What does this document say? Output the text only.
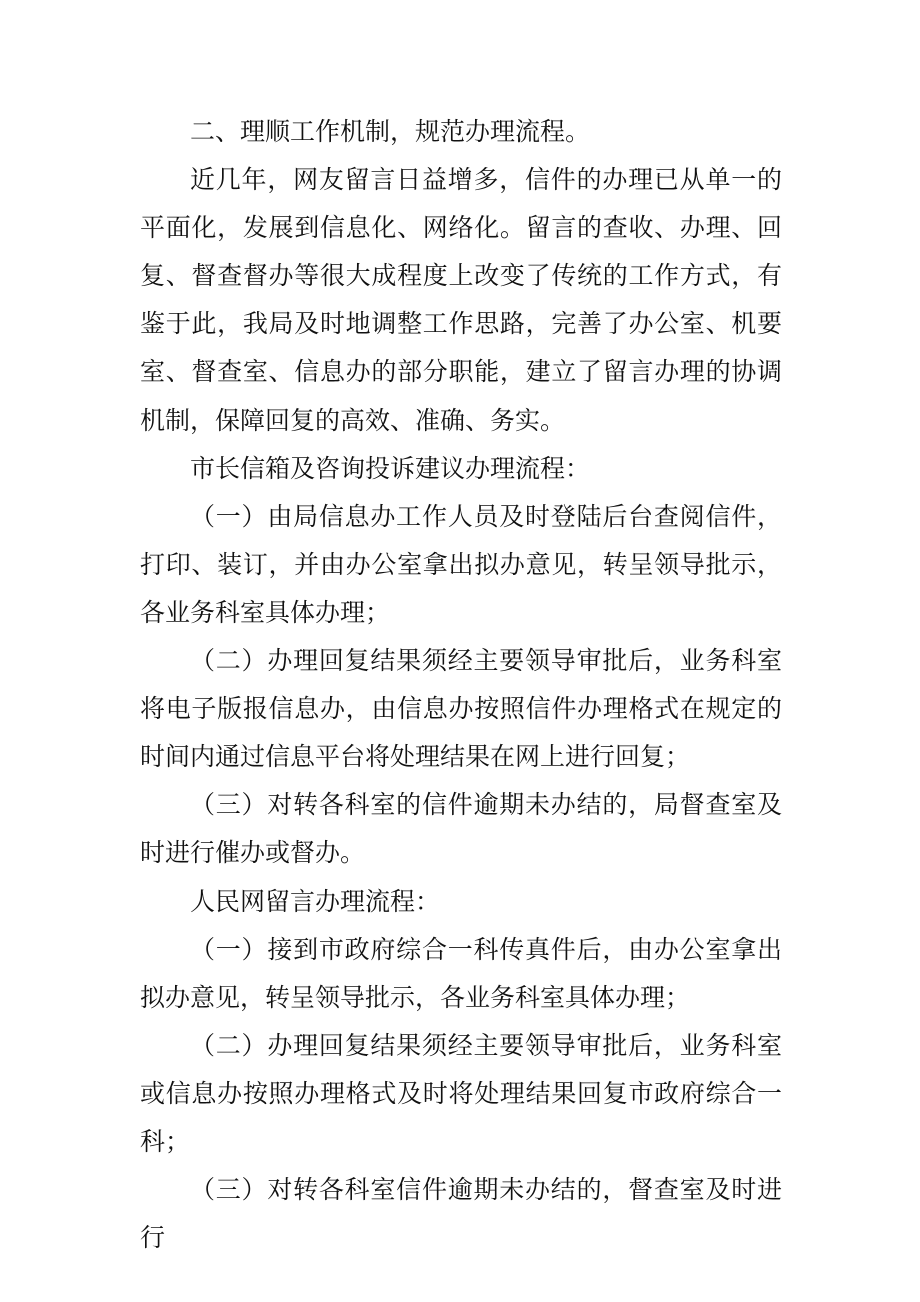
二、理顺工作机制，规范办理流程。

近几年，网友留言日益增多，信件的办理已从单一的平面化，发展到信息化、网络化。留言的查收、办理、回复、督查督办等很大成程度上改变了传统的工作方式，有鉴于此，我局及时地调整工作思路，完善了办公室、机要室、督查室、信息办的部分职能，建立了留言办理的协调机制，保障回复的高效、准确、务实。

市长信箱及咨询投诉建议办理流程：

（一）由局信息办工作人员及时登陆后台查阅信件，打印、装订，并由办公室拿出拟办意见，转呈领导批示，各业务科室具体办理；

（二）办理回复结果须经主要领导审批后，业务科室将电子版报信息办，由信息办按照信件办理格式在规定的时间内通过信息平台将处理结果在网上进行回复；

（三）对转各科室的信件逾期未办结的，局督查室及时进行催办或督办。

人民网留言办理流程：

（一）接到市政府综合一科传真件后，由办公室拿出拟办意见，转呈领导批示，各业务科室具体办理；

（二）办理回复结果须经主要领导审批后，业务科室或信息办按照办理格式及时将处理结果回复市政府综合一科；

（三）对转各科室信件逾期未办结的，督查室及时进行
